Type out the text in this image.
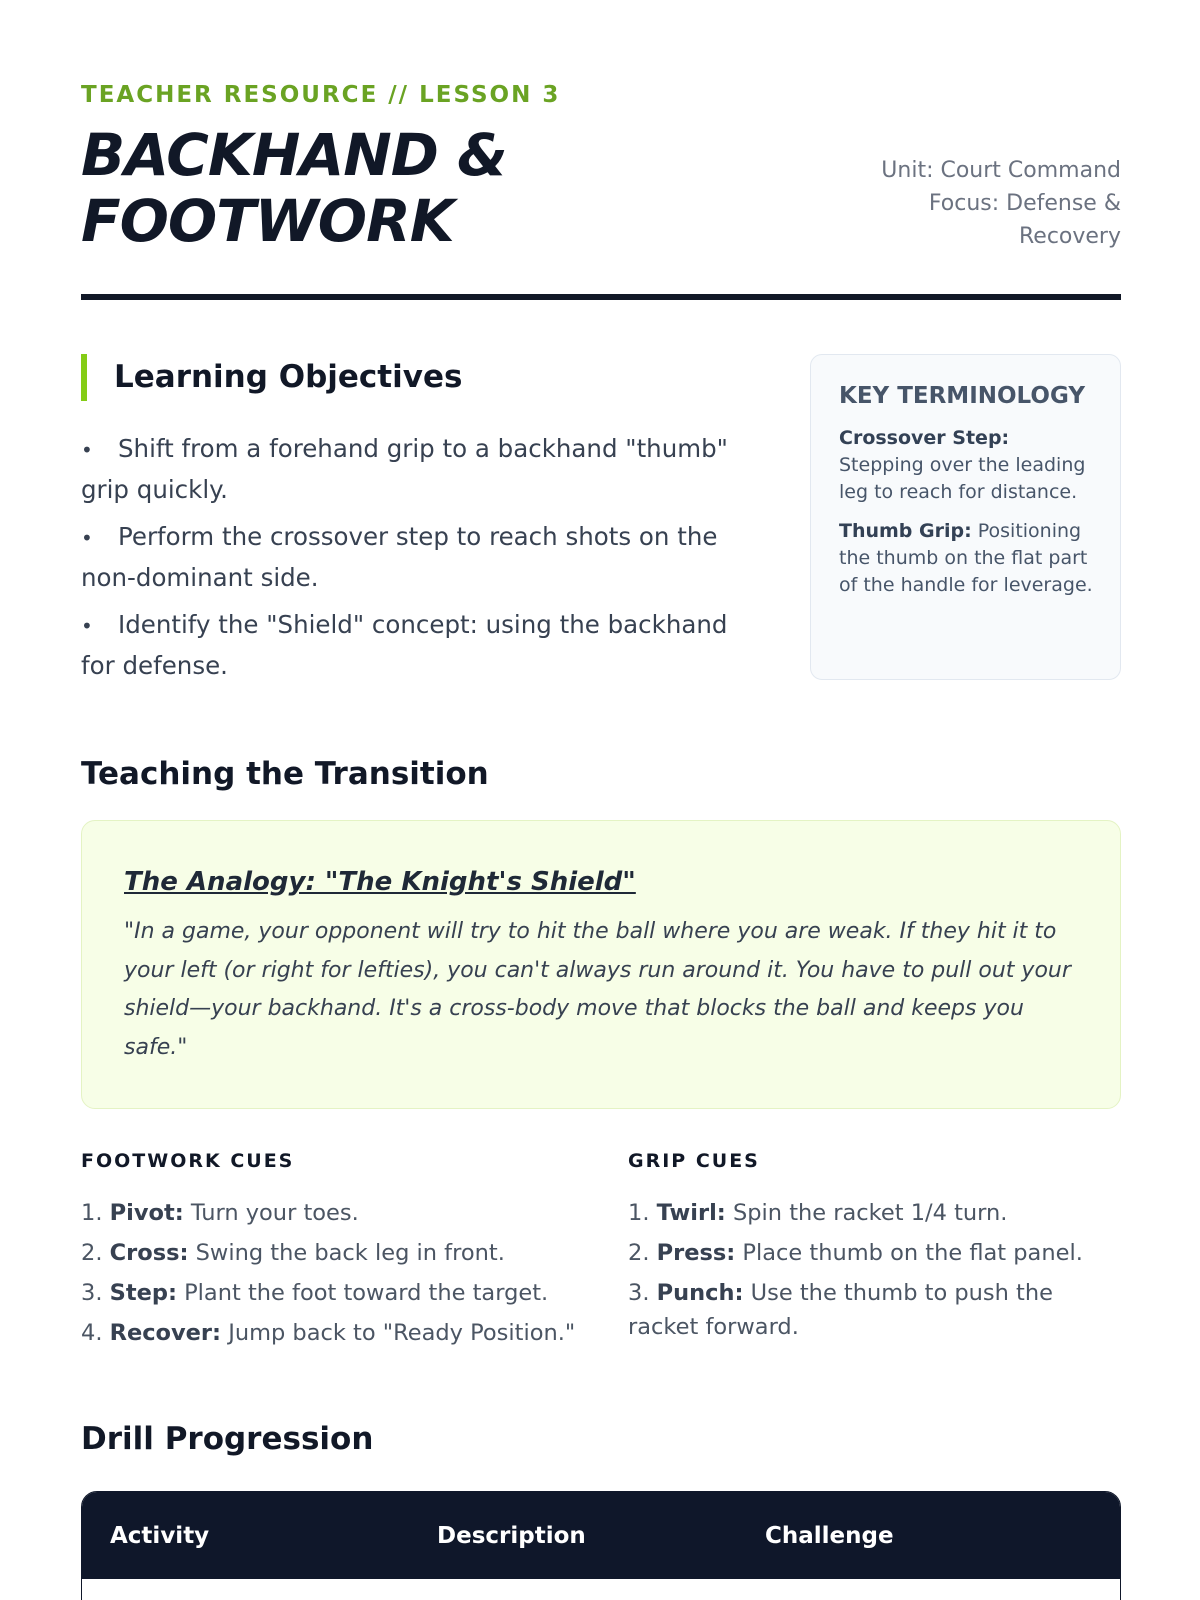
TEACHER RESOURCE // LESSON 3
BACKHAND &
FOOTWORK
Unit: Court Command
Focus: Defense &
Recovery
Learning Objectives
• Shift from a forehand grip to a backhand "thumb" grip quickly.
• Perform the crossover step to reach shots on the non-dominant side.
• Identify the "Shield" concept: using the backhand for defense.
KEY TERMINOLOGY

Crossover Step: Stepping over the leading leg to reach for distance.

Thumb Grip: Positioning the thumb on the flat part of the handle for leverage.

Teaching the Transition
The Analogy: "The Knight's Shield"

"In a game, your opponent will try to hit the ball where you are weak. If they hit it to your left (or right for lefties), you can't always run around it. You have to pull out your shield—your backhand. It's a cross-body move that blocks the ball and keeps you safe."

FOOTWORK CUES
1. Pivot: Turn your toes.
2. Cross: Swing the back leg in front.
3. Step: Plant the foot toward the target.
4. Recover: Jump back to "Ready Position."
GRIP CUES
1. Twirl: Spin the racket 1/4 turn.
2. Press: Place thumb on the flat panel.
3. Punch: Use the thumb to push the racket forward.
Drill Progression
Activity	Description	Challenge
